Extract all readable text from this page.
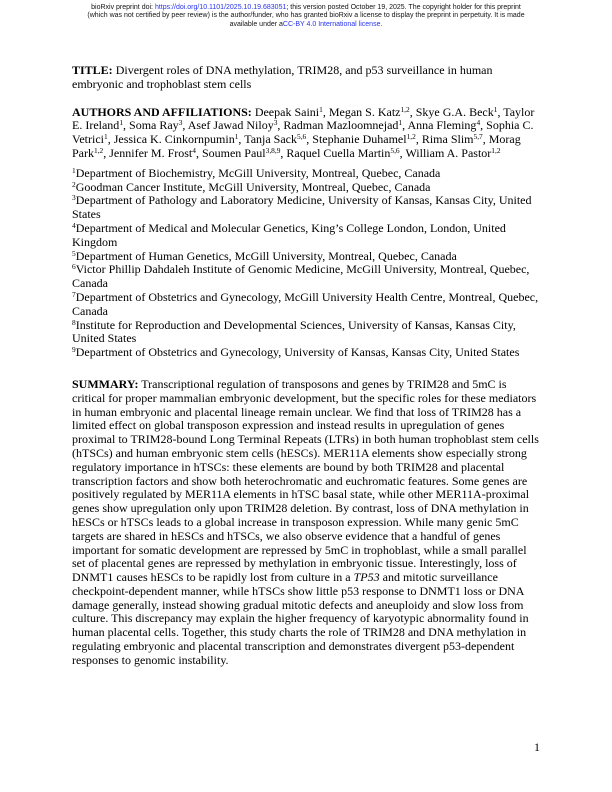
bioRxiv preprint doi: https://doi.org/10.1101/2025.10.19.683051; this version posted October 19, 2025. The copyright holder for this preprint
(which was not certified by peer review) is the author/funder, who has granted bioRxiv a license to display the preprint in perpetuity. It is made
available under aCC-BY 4.0 International license.

TITLE: Divergent roles of DNA methylation, TRIM28, and p53 surveillance in human embryonic and trophoblast stem cells

AUTHORS AND AFFILIATIONS: Deepak Saini$^1$, Megan S. Katz$^{1,2}$, Skye G.A. Beck$^1$, Taylor E. Ireland$^1$, Soma Ray$^3$, Asef Jawad Niloy$^3$, Radman Mazloomnejad$^1$, Anna Fleming$^4$, Sophia C. Vetrici$^1$, Jessica K. Cinkornpumin$^1$, Tanja Sack$^{5,6}$, Stephanie Duhamel$^{1,2}$, Rima Slim$^{5,7}$, Morag Park$^{1,2}$, Jennifer M. Frost$^4$, Soumen Paul$^{3,8,9}$, Raquel Cuella Martin$^{5,6}$, William A. Pastor$^{1,2}$

$^1$Department of Biochemistry, McGill University, Montreal, Quebec, Canada
$^2$Goodman Cancer Institute, McGill University, Montreal, Quebec, Canada
$^3$Department of Pathology and Laboratory Medicine, University of Kansas, Kansas City, United States
$^4$Department of Medical and Molecular Genetics, King’s College London, London, United Kingdom
$^5$Department of Human Genetics, McGill University, Montreal, Quebec, Canada
$^6$Victor Phillip Dahdaleh Institute of Genomic Medicine, McGill University, Montreal, Quebec, Canada
$^7$Department of Obstetrics and Gynecology, McGill University Health Centre, Montreal, Quebec, Canada
$^8$Institute for Reproduction and Developmental Sciences, University of Kansas, Kansas City, United States
$^9$Department of Obstetrics and Gynecology, University of Kansas, Kansas City, United States

SUMMARY: Transcriptional regulation of transposons and genes by TRIM28 and 5mC is critical for proper mammalian embryonic development, but the specific roles for these mediators in human embryonic and placental lineage remain unclear. We find that loss of TRIM28 has a limited effect on global transposon expression and instead results in upregulation of genes proximal to TRIM28-bound Long Terminal Repeats (LTRs) in both human trophoblast stem cells (hTSCs) and human embryonic stem cells (hESCs). MER11A elements show especially strong regulatory importance in hTSCs: these elements are bound by both TRIM28 and placental transcription factors and show both heterochromatic and euchromatic features. Some genes are positively regulated by MER11A elements in hTSC basal state, while other MER11A-proximal genes show upregulation only upon TRIM28 deletion. By contrast, loss of DNA methylation in hESCs or hTSCs leads to a global increase in transposon expression. While many genic 5mC targets are shared in hESCs and hTSCs, we also observe evidence that a handful of genes important for somatic development are repressed by 5mC in trophoblast, while a small parallel set of placental genes are repressed by methylation in embryonic tissue. Interestingly, loss of DNMT1 causes hESCs to be rapidly lost from culture in a TP53 and mitotic surveillance checkpoint-dependent manner, while hTSCs show little p53 response to DNMT1 loss or DNA damage generally, instead showing gradual mitotic defects and aneuploidy and slow loss from culture. This discrepancy may explain the higher frequency of karyotypic abnormality found in human placental cells. Together, this study charts the role of TRIM28 and DNA methylation in regulating embryonic and placental transcription and demonstrates divergent p53-dependent responses to genomic instability.

1
